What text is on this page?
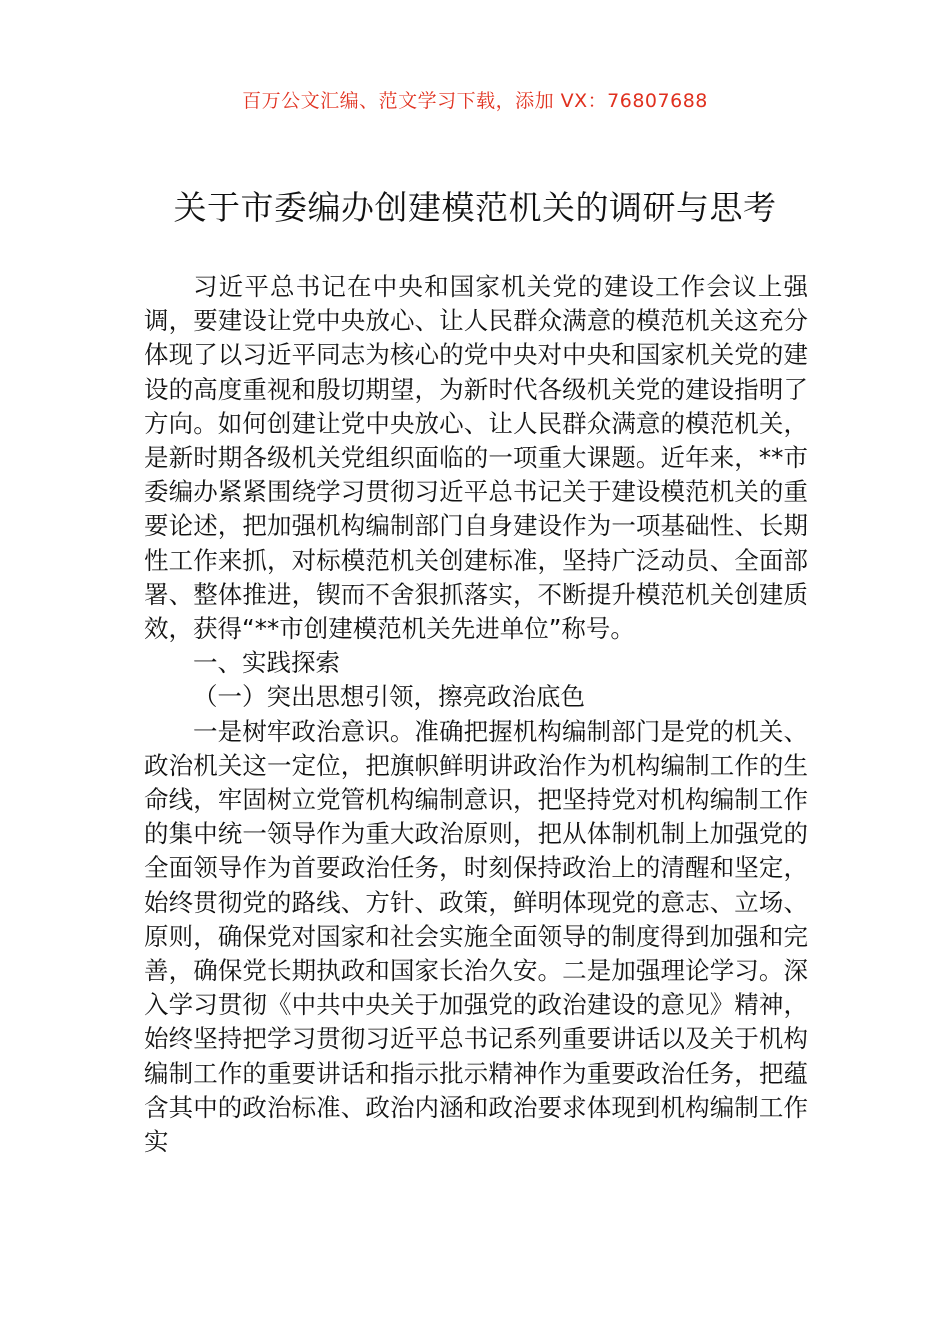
百万公文汇编、范文学习下载，添加 VX：76807688
关于市委编办创建模范机关的调研与思考

习近平总书记在中央和国家机关党的建设工作会议上强调，要建设让党中央放心、让人民群众满意的模范机关这充分体现了以习近平同志为核心的党中央对中央和国家机关党的建设的高度重视和殷切期望，为新时代各级机关党的建设指明了方向。如何创建让党中央放心、让人民群众满意的模范机关，是新时期各级机关党组织面临的一项重大课题。近年来，**市委编办紧紧围绕学习贯彻习近平总书记关于建设模范机关的重要论述，把加强机构编制部门自身建设作为一项基础性、长期性工作来抓，对标模范机关创建标准，坚持广泛动员、全面部署、整体推进，锲而不舍狠抓落实，不断提升模范机关创建质效，获得“**市创建模范机关先进单位”称号。

一、实践探索

（一）突出思想引领，擦亮政治底色

一是树牢政治意识。准确把握机构编制部门是党的机关、政治机关这一定位，把旗帜鲜明讲政治作为机构编制工作的生命线，牢固树立党管机构编制意识，把坚持党对机构编制工作的集中统一领导作为重大政治原则，把从体制机制上加强党的全面领导作为首要政治任务，时刻保持政治上的清醒和坚定，始终贯彻党的路线、方针、政策，鲜明体现党的意志、立场、原则，确保党对国家和社会实施全面领导的制度得到加强和完善，确保党长期执政和国家长治久安。二是加强理论学习。深入学习贯彻《中共中央关于加强党的政治建设的意见》精神，始终坚持把学习贯彻习近平总书记系列重要讲话以及关于机构编制工作的重要讲话和指示批示精神作为重要政治任务，把蕴含其中的政治标准、政治内涵和政治要求体现到机构编制工作实
